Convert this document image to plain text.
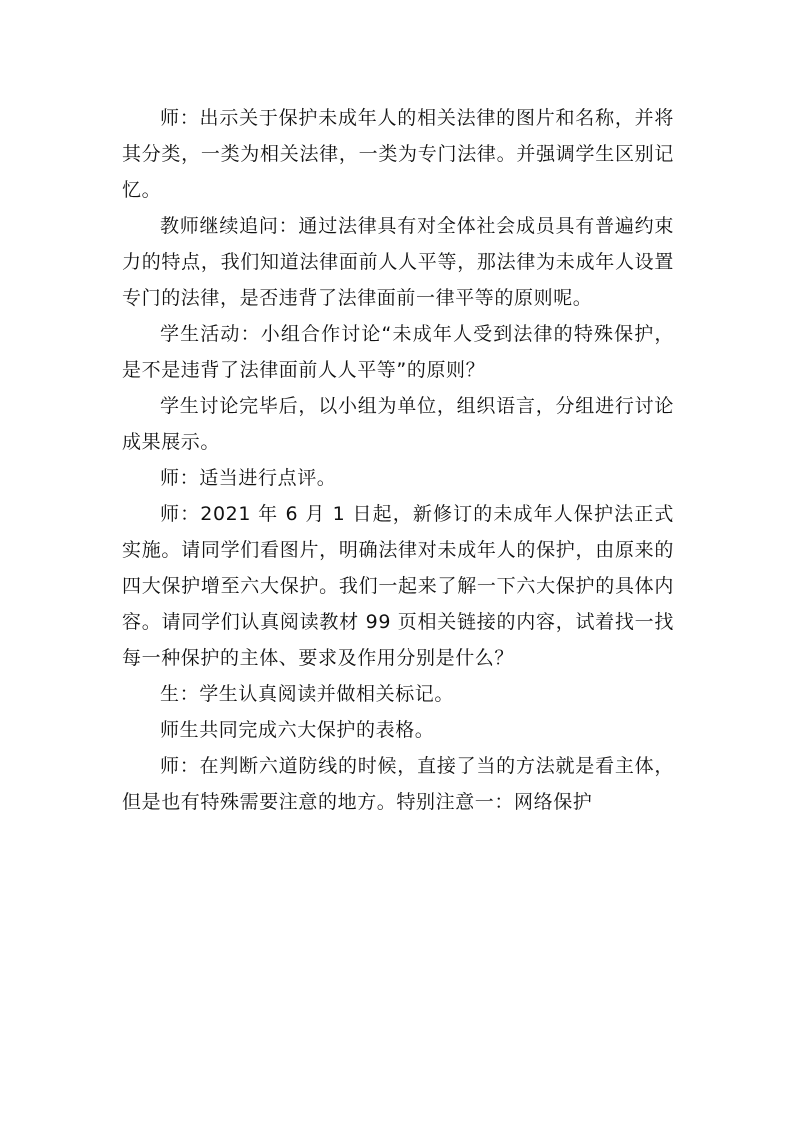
师：出示关于保护未成年人的相关法律的图片和名称，并将其分类，一类为相关法律，一类为专门法律。并强调学生区别记忆。

教师继续追问：通过法律具有对全体社会成员具有普遍约束力的特点，我们知道法律面前人人平等，那法律为未成年人设置专门的法律，是否违背了法律面前一律平等的原则呢。

学生活动：小组合作讨论“未成年人受到法律的特殊保护，是不是违背了法律面前人人平等”的原则？

学生讨论完毕后，以小组为单位，组织语言，分组进行讨论成果展示。

师：适当进行点评。

师：2021 年 6 月 1 日起，新修订的未成年人保护法正式实施。请同学们看图片，明确法律对未成年人的保护，由原来的四大保护增至六大保护。我们一起来了解一下六大保护的具体内容。请同学们认真阅读教材 99 页相关链接的内容，试着找一找每一种保护的主体、要求及作用分别是什么？

生：学生认真阅读并做相关标记。

师生共同完成六大保护的表格。

师：在判断六道防线的时候，直接了当的方法就是看主体，但是也有特殊需要注意的地方。特别注意一：网络保护
